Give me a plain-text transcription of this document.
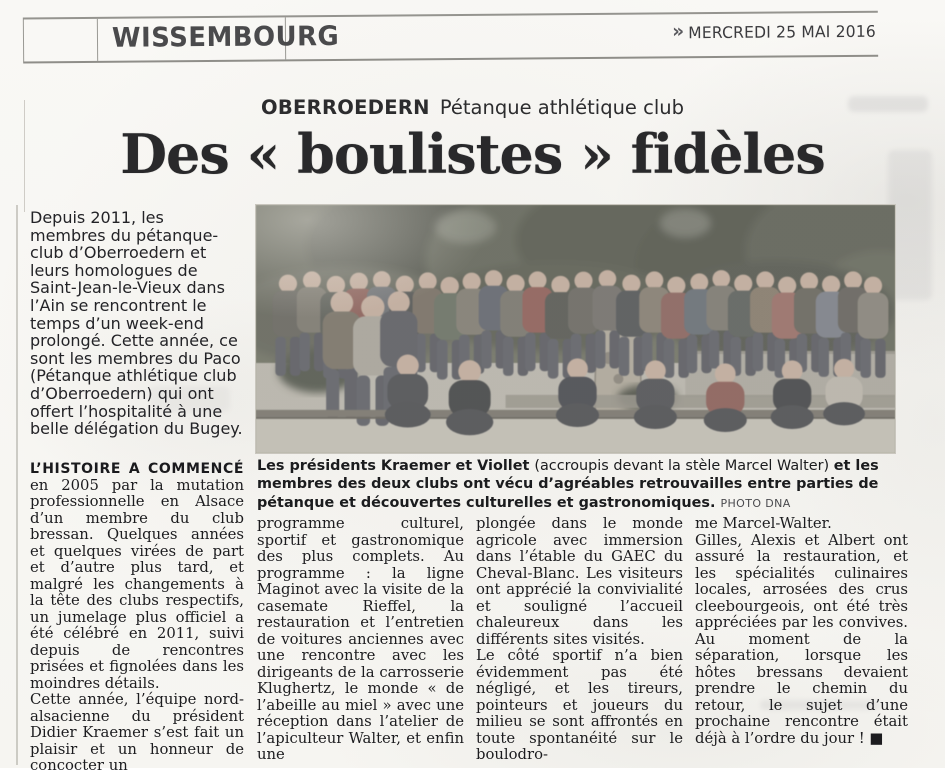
WISSEMBOURG	» MERCREDI 25 MAI 2016
OBERROEDERN Pétanque athlétique club
Des « boulistes » fidèles
Depuis 2011, les membres du pétanque-club d’Oberroedern et leurs homologues de Saint-Jean-le-Vieux dans l’Ain se rencontrent le temps d’un week-end prolongé. Cette année, ce sont les membres du Paco (Pétanque athlétique club d’Oberroedern) qui ont offert l’hospitalité à une belle délégation du Bugey.
Les présidents Kraemer et Viollet (accroupis devant la stèle Marcel Walter) et les membres des deux clubs ont vécu d’agréables retrouvailles entre parties de pétanque et découvertes culturelles et gastronomiques. PHOTO DNA

L’HISTOIRE A COMMENCÉ en 2005 par la mutation professionnelle en Alsace d’un membre du club bressan. Quelques années et quelques virées de part et d’autre plus tard, et malgré les changements à la tête des clubs respectifs, un jumelage plus officiel a été célébré en 2011, suivi depuis de rencontres prisées et fignolées dans les moindres détails.

Cette année, l’équipe nord-alsacienne du président Didier Kraemer s’est fait un plaisir et un honneur de concocter un

programme culturel, sportif et gastronomique des plus complets. Au programme : la ligne Maginot avec la visite de la casemate Rieffel, la restauration et l’entretien de voitures anciennes avec une rencontre avec les dirigeants de la carrosserie Klughertz, le monde « de l’abeille au miel » avec une réception dans l’atelier de l’apiculteur Walter, et enfin une

plongée dans le monde agricole avec immersion dans l’étable du GAEC du Cheval-Blanc. Les visiteurs ont apprécié la convivialité et souligné l’accueil chaleureux dans les différents sites visités.

Le côté sportif n’a bien évidemment pas été négligé, et les tireurs, pointeurs et joueurs du milieu se sont affrontés en toute spontanéité sur le boulodro-

me Marcel-Walter.

Gilles, Alexis et Albert ont assuré la restauration, et les spécialités culinaires locales, arrosées des crus cleebourgeois, ont été très appréciées par les convives. Au moment de la séparation, lorsque les hôtes bressans devaient prendre le chemin du retour, le sujet d’une prochaine rencontre était déjà à l’ordre du jour ! ■
